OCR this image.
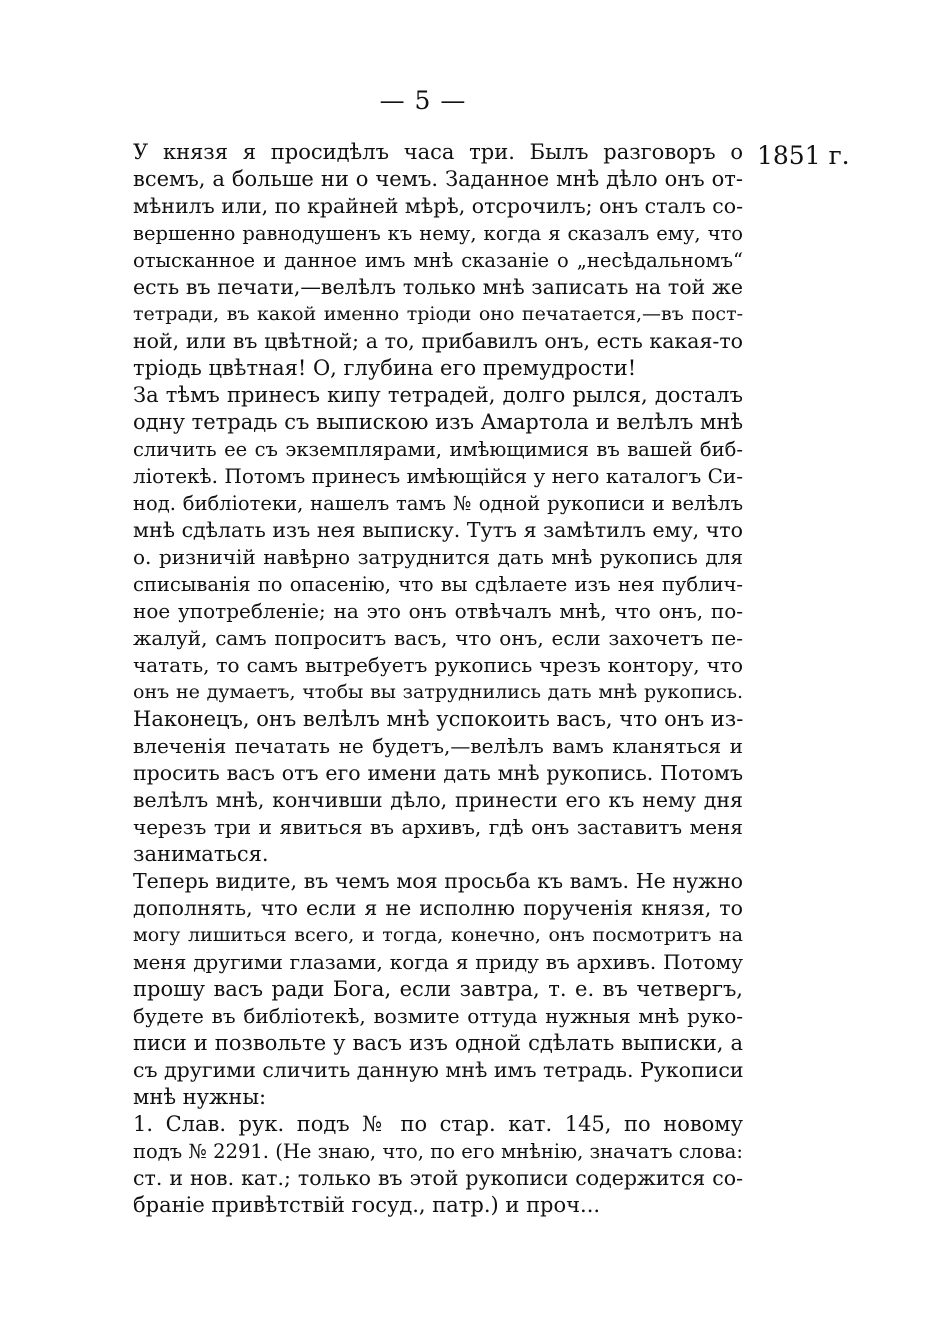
— 5 —
1851 г.
У князя я просидѣлъ часа три. Былъ разговоръ о
всемъ, а больше ни о чемъ. Заданное мнѣ дѣло онъ от-
мѣнилъ или, по крайней мѣрѣ, отсрочилъ; онъ сталъ со-
вершенно равнодушенъ къ нему, когда я сказалъ ему, что
отысканное и данное имъ мнѣ сказаніе о „несѣдальномъ“
есть въ печати,—велѣлъ только мнѣ записать на той же
тетради, въ какой именно тріоди оно печатается,—въ пост-
ной, или въ цвѣтной; а то, прибавилъ онъ, есть какая-то
тріодь цвѣтная! О, глубина его премудрости!
За тѣмъ принесъ кипу тетрадей, долго рылся, досталъ
одну тетрадь съ выпискою изъ Амартола и велѣлъ мнѣ
сличить ее съ экземплярами, имѣющимися въ вашей биб-
ліотекѣ. Потомъ принесъ имѣющійся у него каталогъ Си-
нод. библіотеки, нашелъ тамъ № одной рукописи и велѣлъ
мнѣ сдѣлать изъ нея выписку. Тутъ я замѣтилъ ему, что
о. ризничій навѣрно затруднится дать мнѣ рукопись для
списыванія по опасенію, что вы сдѣлаете изъ нея публич-
ное употребленіе; на это онъ отвѣчалъ мнѣ, что онъ, по-
жалуй, самъ попроситъ васъ, что онъ, если захочетъ пе-
чатать, то самъ вытребуетъ рукопись чрезъ контору, что
онъ не думаетъ, чтобы вы затруднились дать мнѣ рукопись.
Наконецъ, онъ велѣлъ мнѣ успокоить васъ, что онъ из-
влеченія печатать не будетъ,—велѣлъ вамъ кланяться и
просить васъ отъ его имени дать мнѣ рукопись. Потомъ
велѣлъ мнѣ, кончивши дѣло, принести его къ нему дня
черезъ три и явиться въ архивъ, гдѣ онъ заставитъ меня
заниматься.
Теперь видите, въ чемъ моя просьба къ вамъ. Не нужно
дополнять, что если я не исполню порученія князя, то
могу лишиться всего, и тогда, конечно, онъ посмотритъ на
меня другими глазами, когда я приду въ архивъ. Потому
прошу васъ ради Бога, если завтра, т. е. въ четвергъ,
будете въ библіотекѣ, возмите оттуда нужныя мнѣ руко-
писи и позвольте у васъ изъ одной сдѣлать выписки, а
съ другими сличить данную мнѣ имъ тетрадь. Рукописи
мнѣ нужны:
1. Слав. рук. подъ № по стар. кат. 145, по новому
подъ № 2291. (Не знаю, что, по его мнѣнію, значатъ слова:
ст. и нов. кат.; только въ этой рукописи содержится со-
браніе привѣтствій госуд., патр.) и проч...
